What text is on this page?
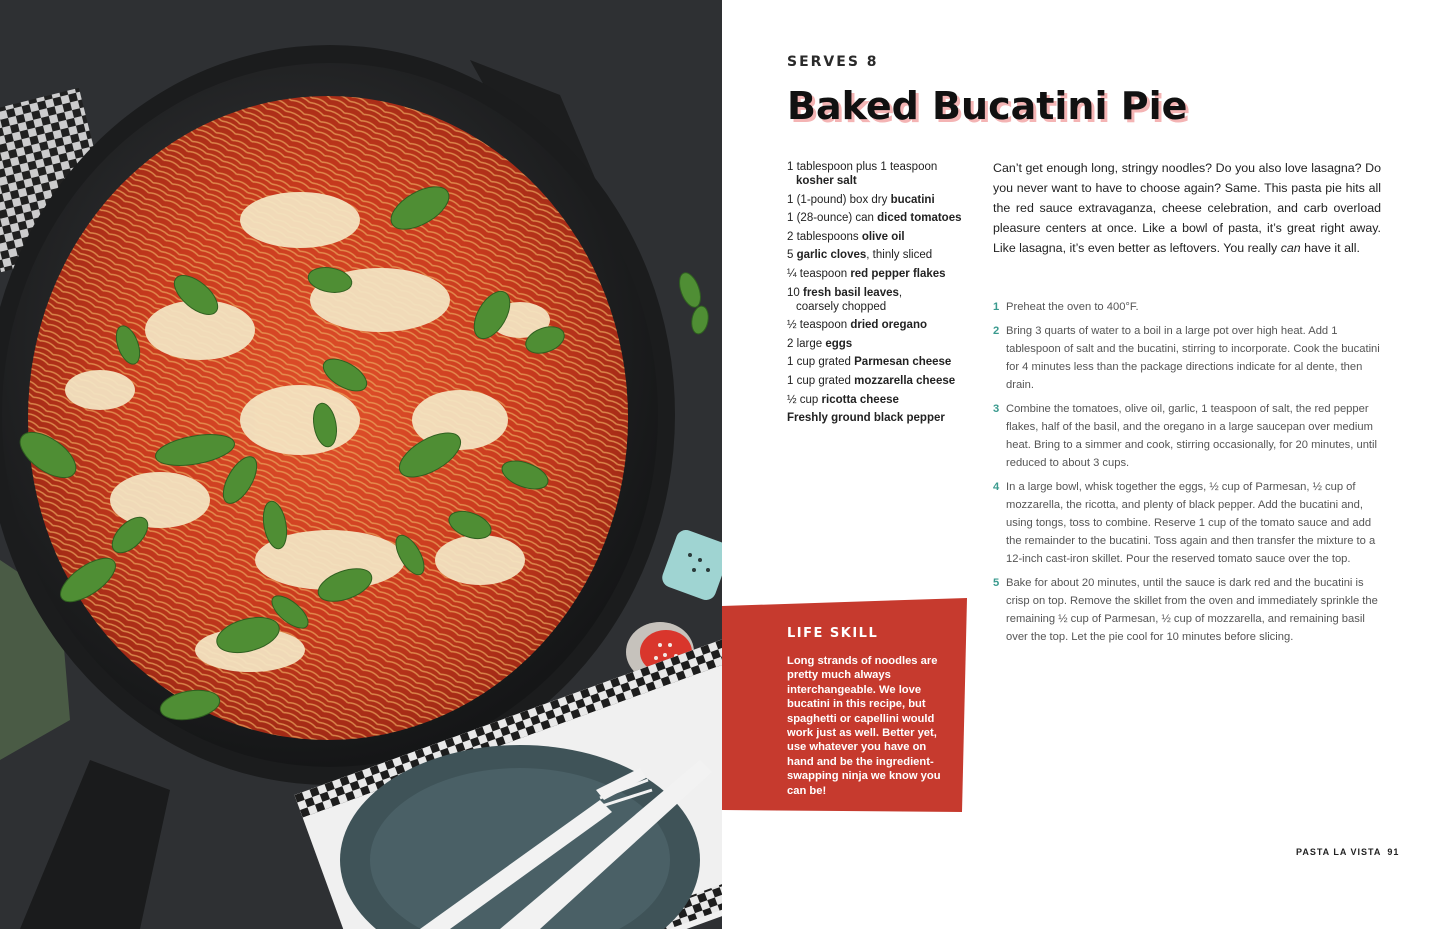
SERVES 8
Baked Bucatini Pie
1 tablespoon plus 1 teaspoon
kosher salt
1 (1-pound) box dry bucatini
1 (28-ounce) can diced tomatoes
2 tablespoons olive oil
5 garlic cloves, thinly sliced
¼ teaspoon red pepper flakes
10 fresh basil leaves,
coarsely chopped
½ teaspoon dried oregano
2 large eggs
1 cup grated Parmesan cheese
1 cup grated mozzarella cheese
½ cup ricotta cheese
Freshly ground black pepper
Can’t get enough long, stringy noodles? Do you also love lasagna? Do you never want to have to choose again? Same. This pasta pie hits all the red sauce extravaganza, cheese celebration, and carb overload pleasure centers at once. Like a bowl of pasta, it’s great right away. Like lasagna, it’s even better as leftovers. You really can have it all.
1 Preheat the oven to 400°F.
2 Bring 3 quarts of water to a boil in a large pot over high heat. Add 1 tablespoon of salt and the bucatini, stirring to incorporate. Cook the bucatini for 4 minutes less than the package directions indicate for al dente, then drain.
3 Combine the tomatoes, olive oil, garlic, 1 teaspoon of salt, the red pepper flakes, half of the basil, and the oregano in a large saucepan over medium heat. Bring to a simmer and cook, stirring occasionally, for 20 minutes, until reduced to about 3 cups.
4 In a large bowl, whisk together the eggs, ½ cup of Parmesan, ½ cup of mozzarella, the ricotta, and plenty of black pepper. Add the bucatini and, using tongs, toss to combine. Reserve 1 cup of the tomato sauce and add the remainder to the bucatini. Toss again and then transfer the mixture to a 12-inch cast-iron skillet. Pour the reserved tomato sauce over the top.
5 Bake for about 20 minutes, until the sauce is dark red and the bucatini is crisp on top. Remove the skillet from the oven and immediately sprinkle the remaining ½ cup of Parmesan, ½ cup of mozzarella, and remaining basil over the top. Let the pie cool for 10 minutes before slicing.
LIFE SKILL
Long strands of noodles are pretty much always interchangeable. We love bucatini in this recipe, but spaghetti or capellini would work just as well. Better yet, use whatever you have on hand and be the ingredient-swapping ninja we know you can be!
PASTA LA VISTA 91
